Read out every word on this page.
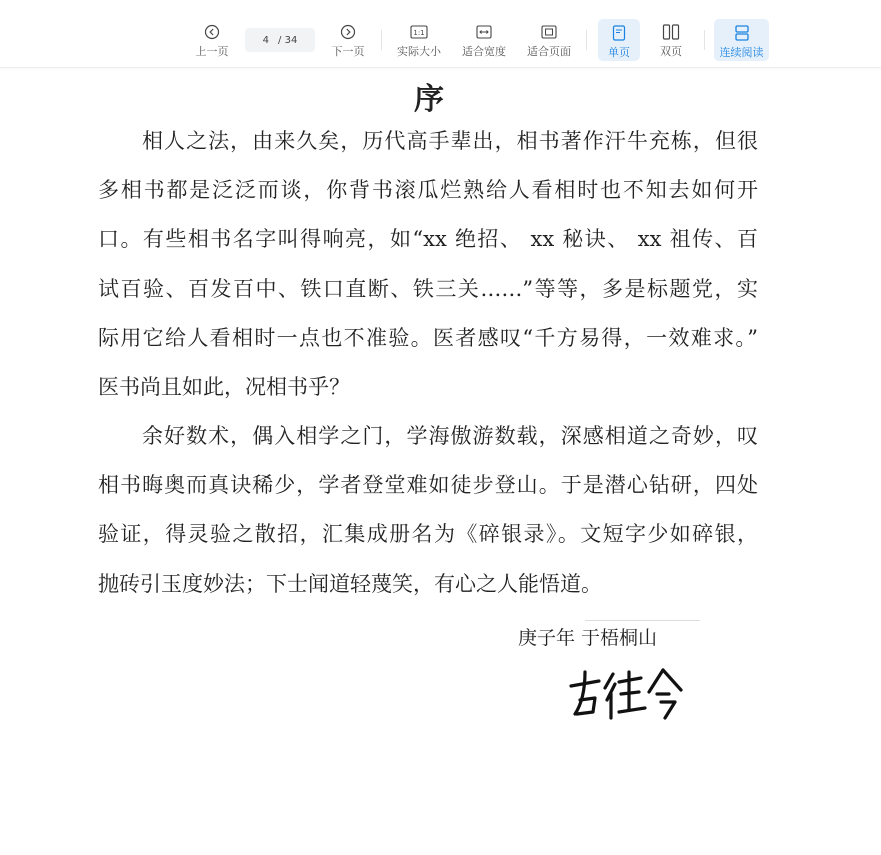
上一页
4 / 34
下一页
1:1
实际大小 适合宽度 适合页面	单页	双页	连续阅读
序
相人之法，由来久矣，历代高手辈出，相书著作汗牛充栋，但很
多相书都是泛泛而谈，你背书滚瓜烂熟给人看相时也不知去如何开
口。有些相书名字叫得响亮，如“xx 绝招、 xx 秘诀、 xx 祖传、百
试百验、百发百中、铁口直断、铁三关……”等等，多是标题党，实
际用它给人看相时一点也不准验。医者感叹“千方易得，一效难求。”
医书尚且如此，况相书乎？
余好数术，偶入相学之门，学海傲游数载，深感相道之奇妙，叹
相书晦奥而真诀稀少，学者登堂难如徒步登山。于是潜心钻研，四处
验证，得灵验之散招，汇集成册名为《碎银录》。文短字少如碎银，
抛砖引玉度妙法；下士闻道轻蔑笑，有心之人能悟道。
庚子年 于梧桐山
